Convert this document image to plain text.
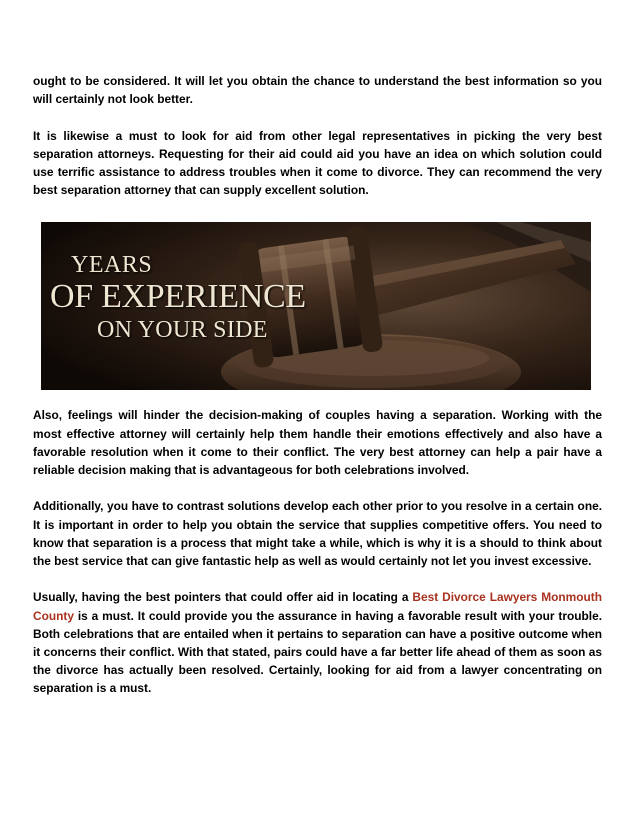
ought to be considered. It will let you obtain the chance to understand the best information so you will certainly not look better.

It is likewise a must to look for aid from other legal representatives in picking the very best separation attorneys. Requesting for their aid could aid you have an idea on which solution could use terrific assistance to address troubles when it come to divorce. They can recommend the very best separation attorney that can supply excellent solution.

YEARS
OF EXPERIENCE
ON YOUR SIDE

Also, feelings will hinder the decision-making of couples having a separation. Working with the most effective attorney will certainly help them handle their emotions effectively and also have a favorable resolution when it come to their conflict. The very best attorney can help a pair have a reliable decision making that is advantageous for both celebrations involved.

Additionally, you have to contrast solutions develop each other prior to you resolve in a certain one. It is important in order to help you obtain the service that supplies competitive offers. You need to know that separation is a process that might take a while, which is why it is a should to think about the best service that can give fantastic help as well as would certainly not let you invest excessive.

Usually, having the best pointers that could offer aid in locating a Best Divorce Lawyers Monmouth County is a must. It could provide you the assurance in having a favorable result with your trouble. Both celebrations that are entailed when it pertains to separation can have a positive outcome when it concerns their conflict. With that stated, pairs could have a far better life ahead of them as soon as the divorce has actually been resolved. Certainly, looking for aid from a lawyer concentrating on separation is a must.
